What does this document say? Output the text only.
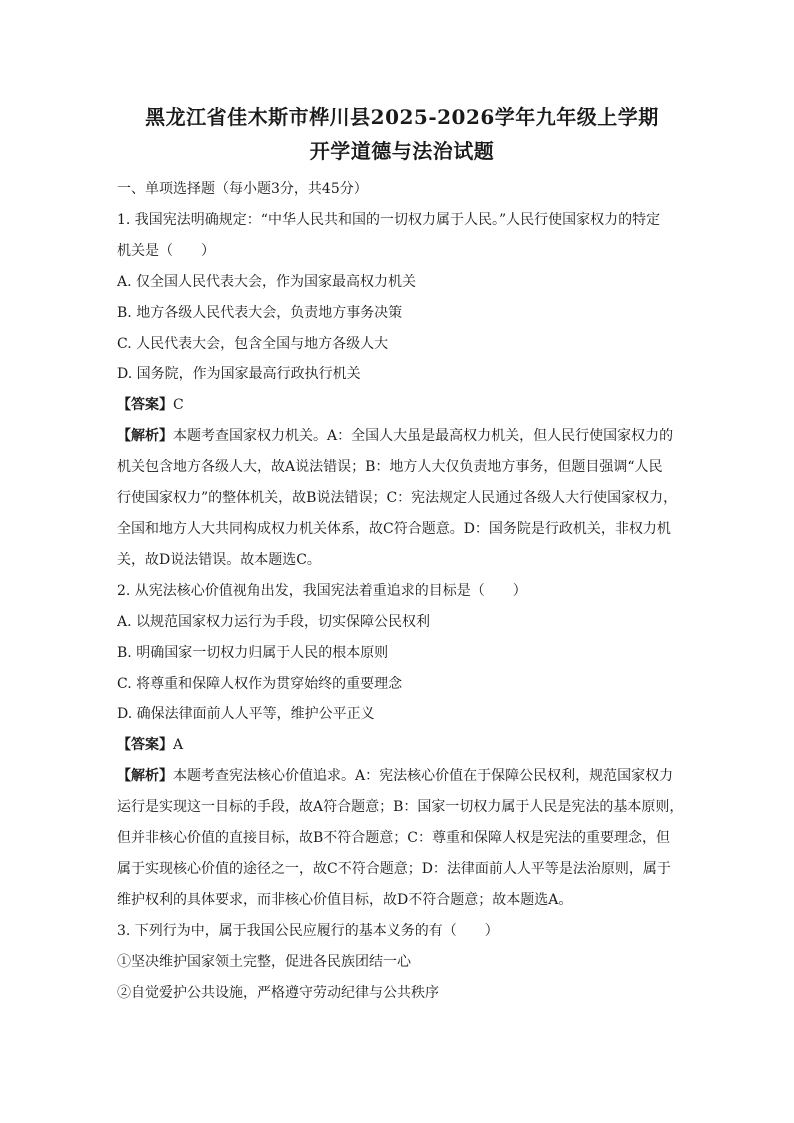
黑龙江省佳木斯市桦川县2025-2026学年九年级上学期
开学道德与法治试题

一、单项选择题（每小题3分，共45分）

1. 我国宪法明确规定：“中华人民共和国的一切权力属于人民。”人民行使国家权力的特定

机关是（　　）

A. 仅全国人民代表大会，作为国家最高权力机关

B. 地方各级人民代表大会，负责地方事务决策

C. 人民代表大会，包含全国与地方各级人大

D. 国务院，作为国家最高行政执行机关

【答案】C

【解析】本题考查国家权力机关。A：全国人大虽是最高权力机关，但人民行使国家权力的

机关包含地方各级人大，故A说法错误；B：地方人大仅负责地方事务，但题目强调“人民

行使国家权力”的整体机关，故B说法错误；C：宪法规定人民通过各级人大行使国家权力，

全国和地方人大共同构成权力机关体系，故C符合题意。D：国务院是行政机关，非权力机

关，故D说法错误。故本题选C。

2. 从宪法核心价值视角出发，我国宪法着重追求的目标是（　　）

A. 以规范国家权力运行为手段，切实保障公民权利

B. 明确国家一切权力归属于人民的根本原则

C. 将尊重和保障人权作为贯穿始终的重要理念

D. 确保法律面前人人平等，维护公平正义

【答案】A

【解析】本题考查宪法核心价值追求。A：宪法核心价值在于保障公民权利，规范国家权力

运行是实现这一目标的手段，故A符合题意；B：国家一切权力属于人民是宪法的基本原则，

但并非核心价值的直接目标，故B不符合题意；C：尊重和保障人权是宪法的重要理念，但

属于实现核心价值的途径之一，故C不符合题意；D：法律面前人人平等是法治原则，属于

维护权利的具体要求，而非核心价值目标，故D不符合题意；故本题选A。

3. 下列行为中，属于我国公民应履行的基本义务的有（　　）

①坚决维护国家领土完整，促进各民族团结一心

②自觉爱护公共设施，严格遵守劳动纪律与公共秩序
